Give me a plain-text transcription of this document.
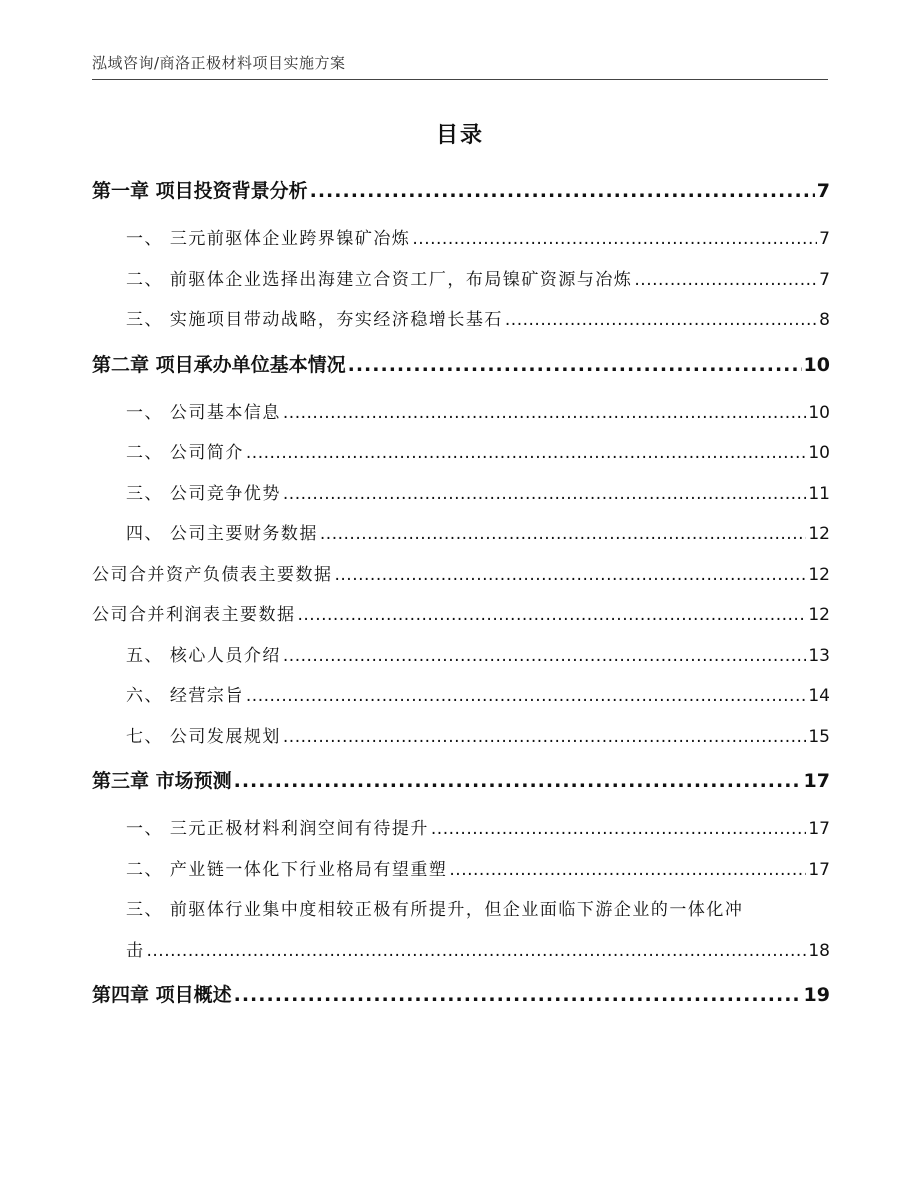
泓域咨询/商洛正极材料项目实施方案
目录
第一章 项目投资背景分析 .....	7
一、 三元前驱体企业跨界镍矿冶炼 .....	7
二、 前驱体企业选择出海建立合资工厂，布局镍矿资源与冶炼 .....	7
三、 实施项目带动战略，夯实经济稳增长基石 .....	8
第二章 项目承办单位基本情况 .....	10
一、 公司基本信息 .....	10
二、 公司简介 .....	10
三、 公司竞争优势 .....	11
四、 公司主要财务数据 .....	12
公司合并资产负债表主要数据 .....	12
公司合并利润表主要数据 .....	12
五、 核心人员介绍 .....	13
六、 经营宗旨 .....	14
七、 公司发展规划 .....	15
第三章 市场预测 .....	17
一、 三元正极材料利润空间有待提升 .....	17
二、 产业链一体化下行业格局有望重塑 .....	17
三、 前驱体行业集中度相较正极有所提升，但企业面临下游企业的一体化冲
击 .....	18
第四章 项目概述 .....	19
